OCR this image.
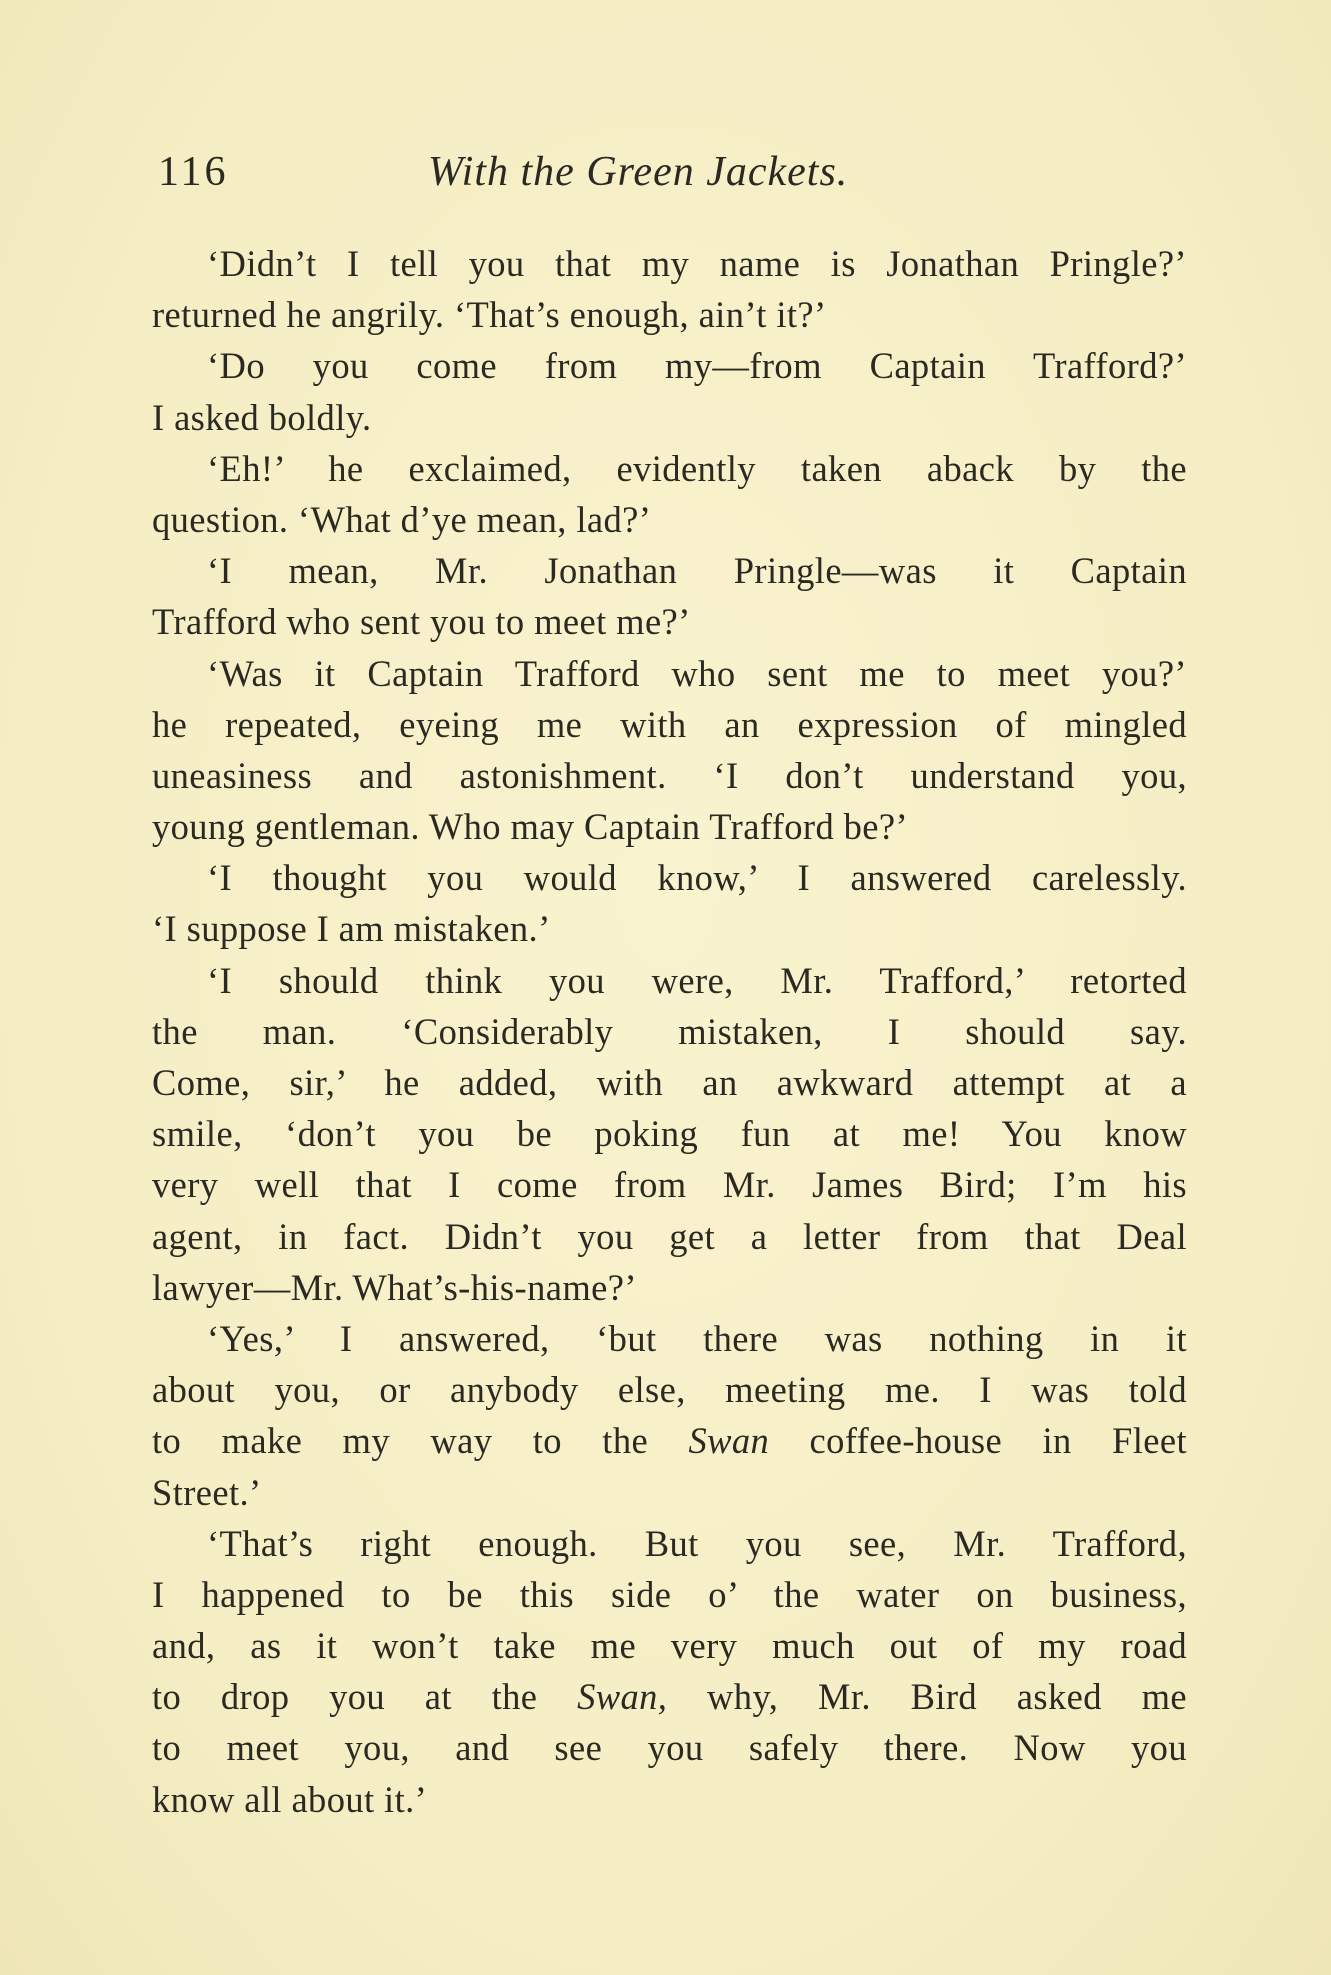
116	With the Green Jackets.
‘Didn’t I tell you that my name is Jonathan Pringle?’
returned he angrily. ‘That’s enough, ain’t it?’
‘Do you come from my—from Captain Trafford?’
I asked boldly.
‘Eh!’ he exclaimed, evidently taken aback by the
question. ‘What d’ye mean, lad?’
‘I mean, Mr. Jonathan Pringle—was it Captain
Trafford who sent you to meet me?’
‘Was it Captain Trafford who sent me to meet you?’
he repeated, eyeing me with an expression of mingled
uneasiness and astonishment. ‘I don’t understand you,
young gentleman. Who may Captain Trafford be?’
‘I thought you would know,’ I answered carelessly.
‘I suppose I am mistaken.’
‘I should think you were, Mr. Trafford,’ retorted
the man. ‘Considerably mistaken, I should say.
Come, sir,’ he added, with an awkward attempt at a
smile, ‘don’t you be poking fun at me! You know
very well that I come from Mr. James Bird; I’m his
agent, in fact. Didn’t you get a letter from that Deal
lawyer—Mr. What’s-his-name?’
‘Yes,’ I answered, ‘but there was nothing in it
about you, or anybody else, meeting me. I was told
to make my way to the Swan coffee-house in Fleet
Street.’
‘That’s right enough. But you see, Mr. Trafford,
I happened to be this side o’ the water on business,
and, as it won’t take me very much out of my road
to drop you at the Swan, why, Mr. Bird asked me
to meet you, and see you safely there. Now you
know all about it.’
